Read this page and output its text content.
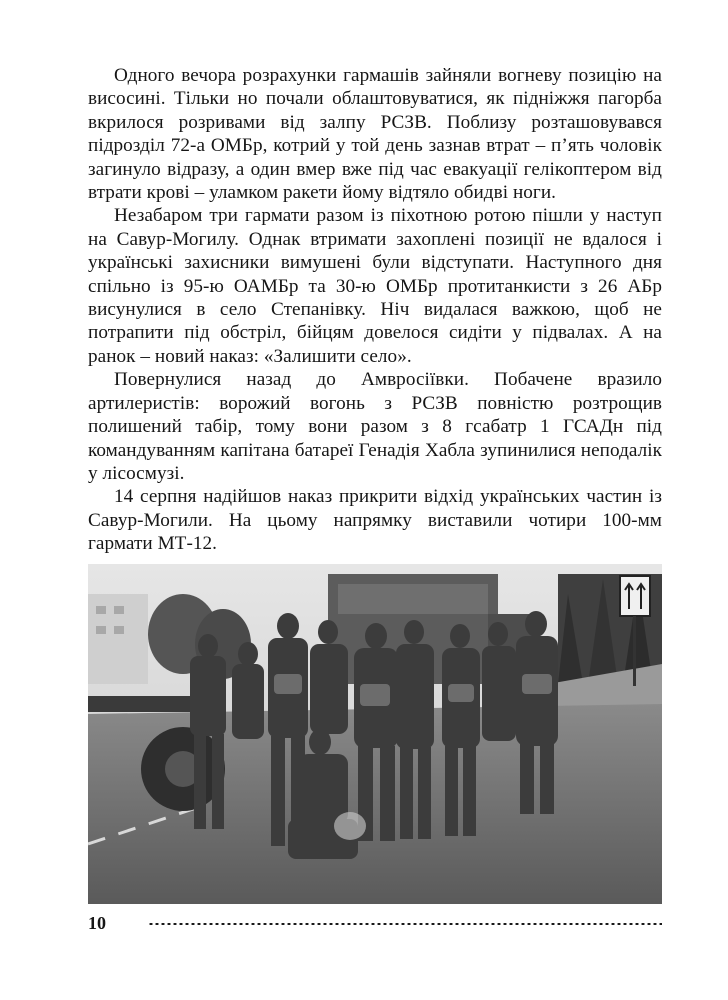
Одного вечора розрахунки гармашів зайняли вогневу позицію на висосині. Тільки но почали облаштовуватися, як підніжжя пагорба вкрилося розривами від залпу РСЗВ. Поблизу розташовувався підрозділ 72-а ОМБр, котрий у той день зазнав втрат – п’ять чоловік загинуло відразу, а один вмер вже під час евакуації гелікоптером від втрати крові – уламком ракети йому відтяло обидві ноги.

Незабаром три гармати разом із піхотною ротою пішли у наступ на Савур-Могилу. Однак втримати захоплені позиції не вдалося і українські захисники вимушені були відступати. Наступного дня спільно із 95-ю ОАМБр та 30-ю ОМБр протитанкисти з 26 АБр висунулися в село Степанівку. Ніч видалася важкою, щоб не потрапити під обстріл, бійцям довелося сидіти у підвалах. А на ранок – новий наказ: «Залишити село».

Повернулися назад до Амвросіївки. Побачене вразило артилеристів: ворожий вогонь з РСЗВ повністю розтрощив полишений табір, тому вони разом з 8 гсабатр 1 ГСАДн під командуванням капітана батареї Генадія Хабла зупинилися неподалік у лісосмузі.

14 серпня надійшов наказ прикрити відхід українських частин із Савур-Могили. На цьому напрямку виставили чотири 100-мм гармати МТ-12.

10
